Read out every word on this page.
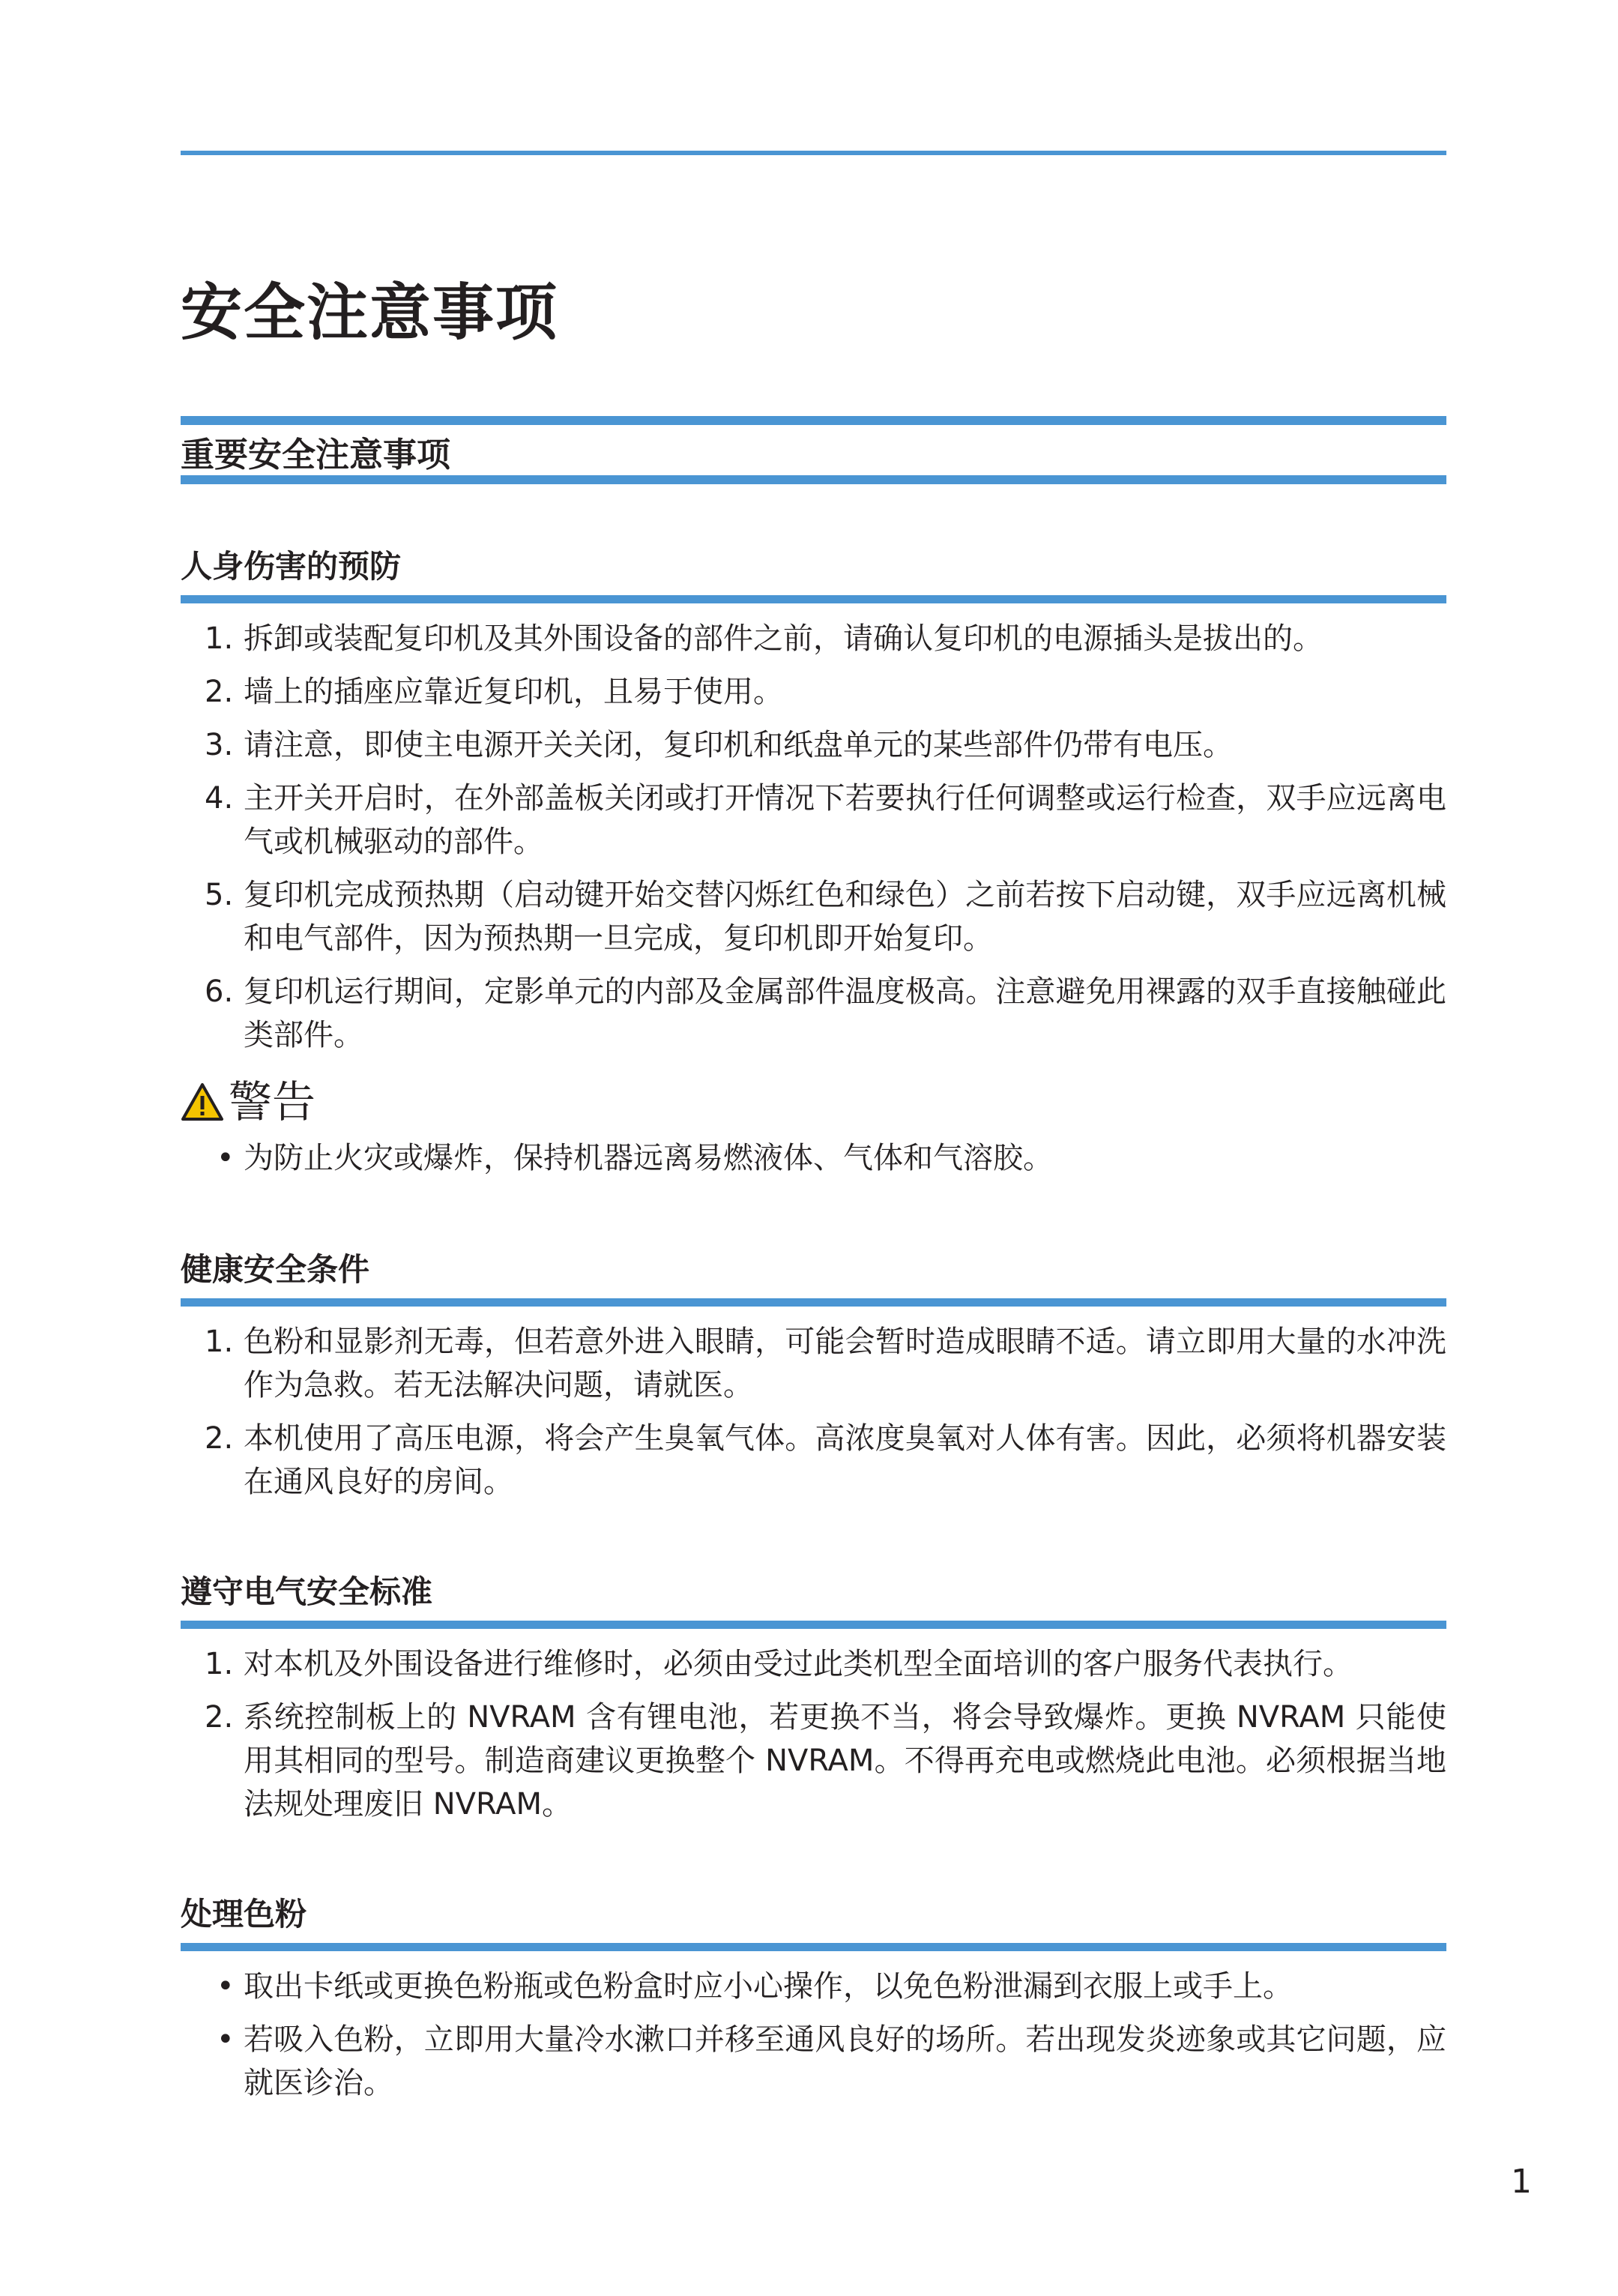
安全注意事项
重要安全注意事项
人身伤害的预防
1. 拆卸或装配复印机及其外围设备的部件之前，请确认复印机的电源插头是拔出的。
2. 墙上的插座应靠近复印机，且易于使用。
3. 请注意，即使主电源开关关闭，复印机和纸盘单元的某些部件仍带有电压。
4. 主开关开启时，在外部盖板关闭或打开情况下若要执行任何调整或运行检查，双手应远离电气或机械驱动的部件。
5. 复印机完成预热期（启动键开始交替闪烁红色和绿色）之前若按下启动键，双手应远离机械和电气部件，因为预热期一旦完成，复印机即开始复印。
6. 复印机运行期间，定影单元的内部及金属部件温度极高。注意避免用裸露的双手直接触碰此类部件。
警告
• 为防止火灾或爆炸，保持机器远离易燃液体、气体和气溶胶。
健康安全条件
1. 色粉和显影剂无毒，但若意外进入眼睛，可能会暂时造成眼睛不适。请立即用大量的水冲洗作为急救。若无法解决问题，请就医。
2. 本机使用了高压电源，将会产生臭氧气体。高浓度臭氧对人体有害。因此，必须将机器安装在通风良好的房间。
遵守电气安全标准
1. 对本机及外围设备进行维修时，必须由受过此类机型全面培训的客户服务代表执行。
2. 系统控制板上的 NVRAM 含有锂电池，若更换不当，将会导致爆炸。更换 NVRAM 只能使用其相同的型号。制造商建议更换整个 NVRAM。不得再充电或燃烧此电池。必须根据当地法规处理废旧 NVRAM。
处理色粉
• 取出卡纸或更换色粉瓶或色粉盒时应小心操作，以免色粉泄漏到衣服上或手上。
• 若吸入色粉，立即用大量冷水漱口并移至通风良好的场所。若出现发炎迹象或其它问题，应就医诊治。
1
